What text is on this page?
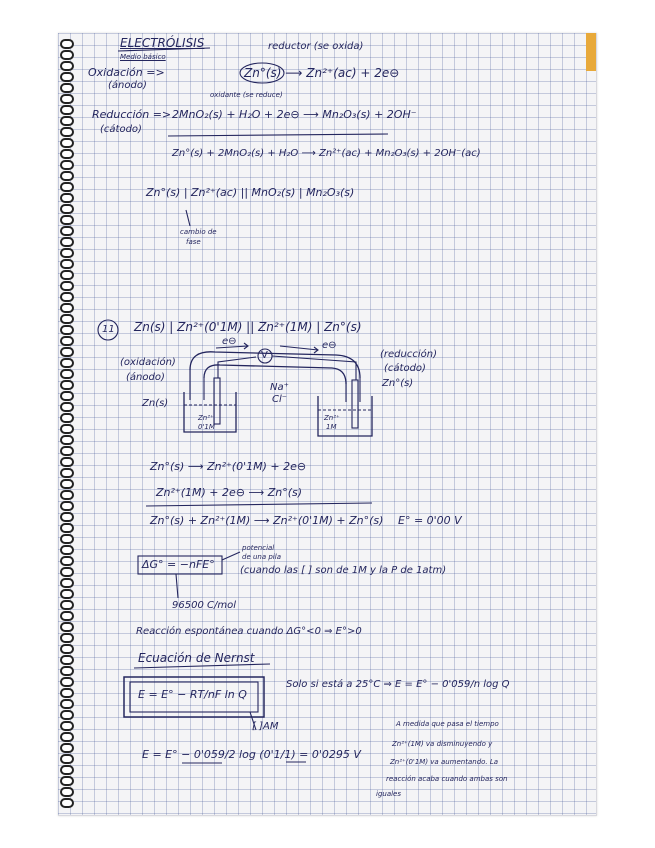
ELECTRÓLISIS
Medio básico
reductor (se oxida)
Oxidación =>	Zn°(s) ⟶ Zn²⁺(ac) + 2e⊖
(ánodo)
oxidante (se reduce)
Reducción => 2MnO₂(s) + H₂O + 2e⊖ ⟶ Mn₂O₃(s) + 2OH⁻
(cátodo)
Zn°(s) + 2MnO₂(s) + H₂O ⟶ Zn²⁺(ac) + Mn₂O₃(s) + 2OH⁻(ac)
Zn°(s) | Zn²⁺(ac) || MnO₂(s) | Mn₂O₃(s)
cambio de
fase
11 Zn(s) | Zn²⁺(0'1M) || Zn²⁺(1M) | Zn°(s)
(oxidación)
(ánodo)
(reducción)
(cátodo)
e⊖	e⊖
V
Zn(s)
Zn°(s)
Zn²⁺
0'1M
Zn²⁺
1M
Na⁺
Cl⁻
Zn°(s) ⟶ Zn²⁺(0'1M) + 2e⊖
Zn²⁺(1M) + 2e⊖ ⟶ Zn°(s)
Zn°(s) + Zn²⁺(1M) ⟶ Zn²⁺(0'1M) + Zn°(s) E° = 0'00 V
ΔG° = −nFE°
potencial
de una pila
(cuando las [ ] son de 1M y la P de 1atm)
96500 C/mol
Reacción espontánea cuando ΔG°<0 ⇒ E°>0
Ecuación de Nernst
E = E° − RT/nF ln Q
Solo si está a 25°C ⇒ E = E° − 0'059/n log Q
[ ]AM
E = E° − 0'059/2 log (0'1/1) = 0'0295 V
A medida que pasa el tiempo
Zn²⁺(1M) va disminuyendo y
Zn²⁺(0'1M) va aumentando. La
reacción acaba cuando ambas son
iguales
